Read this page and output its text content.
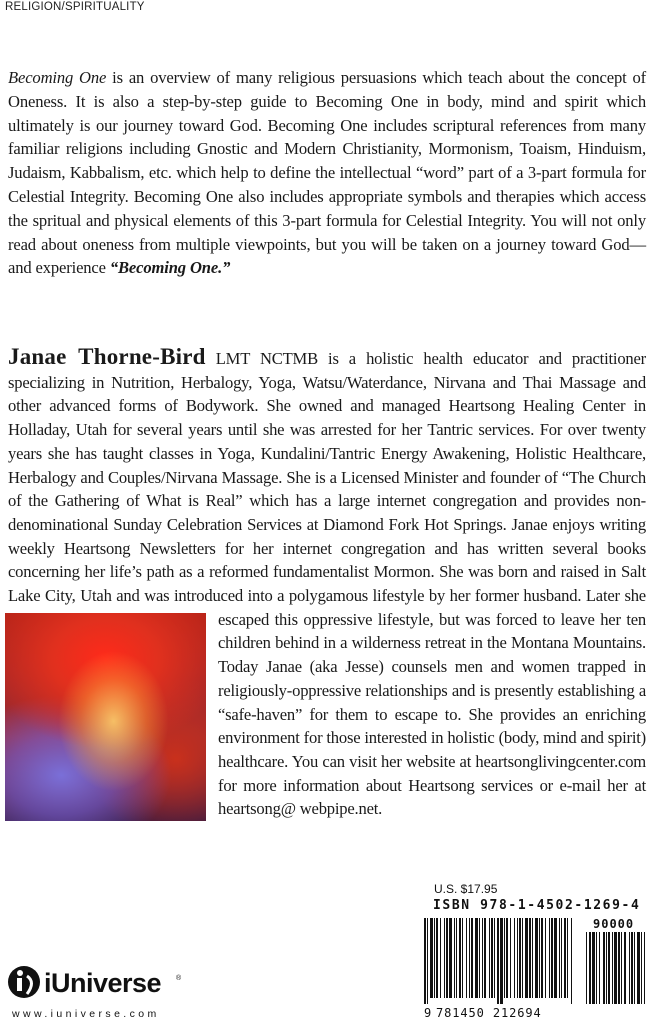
RELIGION/SPIRITUALITY

Becoming One is an overview of many religious persuasions which teach about the concept of Oneness. It is also a step-by-step guide to Becoming One in body, mind and spirit which ultimately is our journey toward God. Becoming One includes scriptural references from many familiar religions including Gnostic and Modern Christianity, Mormonism, Toaism, Hinduism, Judaism, Kabbalism, etc. which help to define the intellectual “word” part of a 3-part formula for Celestial Integrity. Becoming One also includes appropriate symbols and therapies which access the spritual and physical elements of this 3-part formula for Celestial Integrity. You will not only read about oneness from multiple viewpoints, but you will be taken on a journey toward God—and experience “Becoming One.”

Janae Thorne-Bird LMT NCTMB is a holistic health educator and practitioner specializing in Nutrition, Herbalogy, Yoga, Watsu/Waterdance, Nirvana and Thai Massage and other advanced forms of Bodywork. She owned and managed Heartsong Healing Center in Holladay, Utah for several years until she was arrested for her Tantric services. For over twenty years she has taught classes in Yoga, Kundalini/Tantric Energy Awakening, Holistic Healthcare, Herbalogy and Couples/Nirvana Massage. She is a Licensed Minister and founder of “The Church of the Gathering of What is Real” which has a large internet congregation and provides non-denominational Sunday Celebration Services at Diamond Fork Hot Springs. Janae enjoys writing weekly Heartsong Newsletters for her internet congregation and has written several books concerning her life’s path as a reformed fundamentalist Mormon. She was born and raised in Salt Lake City, Utah and was introduced into a polygamous lifestyle by her former husband.
Later she escaped this oppressive lifestyle, but was forced to leave her ten children behind in a wilderness retreat in the Montana Mountains. Today Janae (aka Jesse) counsels men and women trapped in religiously-oppressive relationships and is presently establishing a “safe-haven” for them to escape to. She provides an enriching environment for those interested in holistic (body, mind and spirit) healthcare. You can visit her website at heartsonglivingcenter.com for more information about Heartsong services or e-mail her at heartsong@ webpipe.net.
U.S. $17.95
ISBN 978-1-4502-1269-4
90000
9 781450 212694
iUniverse ®
www.iuniverse.com
